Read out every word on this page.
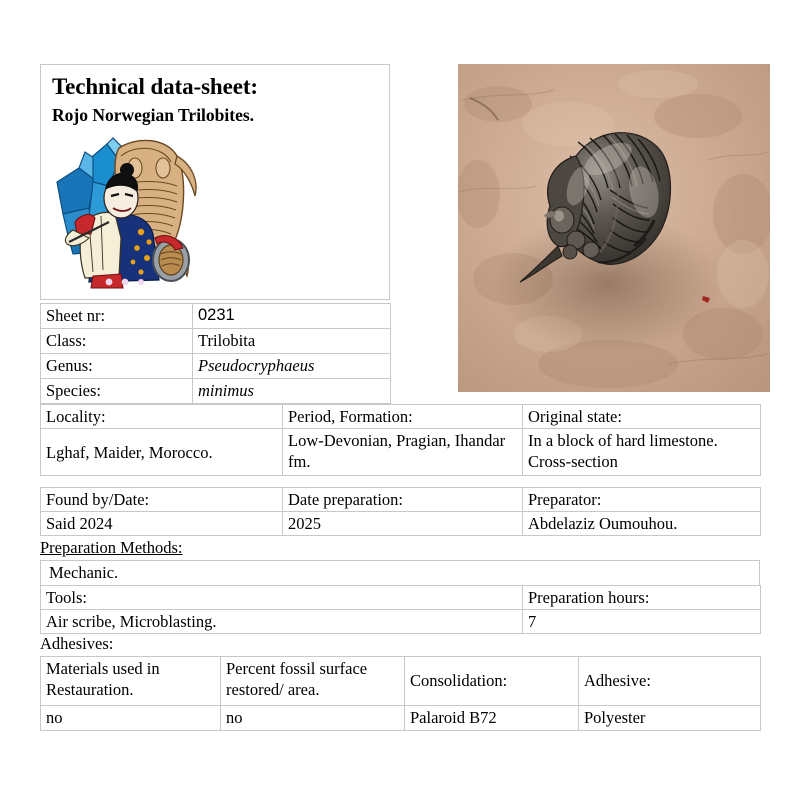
Technical data-sheet:
Rojo Norwegian Trilobites.
Sheet nr:	0231
Class:	Trilobita
Genus:	Pseudocryphaeus
Species:	minimus
Locality:	Period, Formation:	Original state:
Lghaf, Maider, Morocco.	Low-Devonian, Pragian, Ihandar fm.	In a block of hard limestone. Cross-section
Found by/Date:	Date preparation:	Preparator:
Said 2024	2025	Abdelaziz Oumouhou.
Preparation Methods:
Mechanic.
Tools:	Preparation hours:
Air scribe, Microblasting.	7
Adhesives:
Materials used in Restauration.	Percent fossil surface restored/ area.	Consolidation:	Adhesive:
no	no	Palaroid B72	Polyester
